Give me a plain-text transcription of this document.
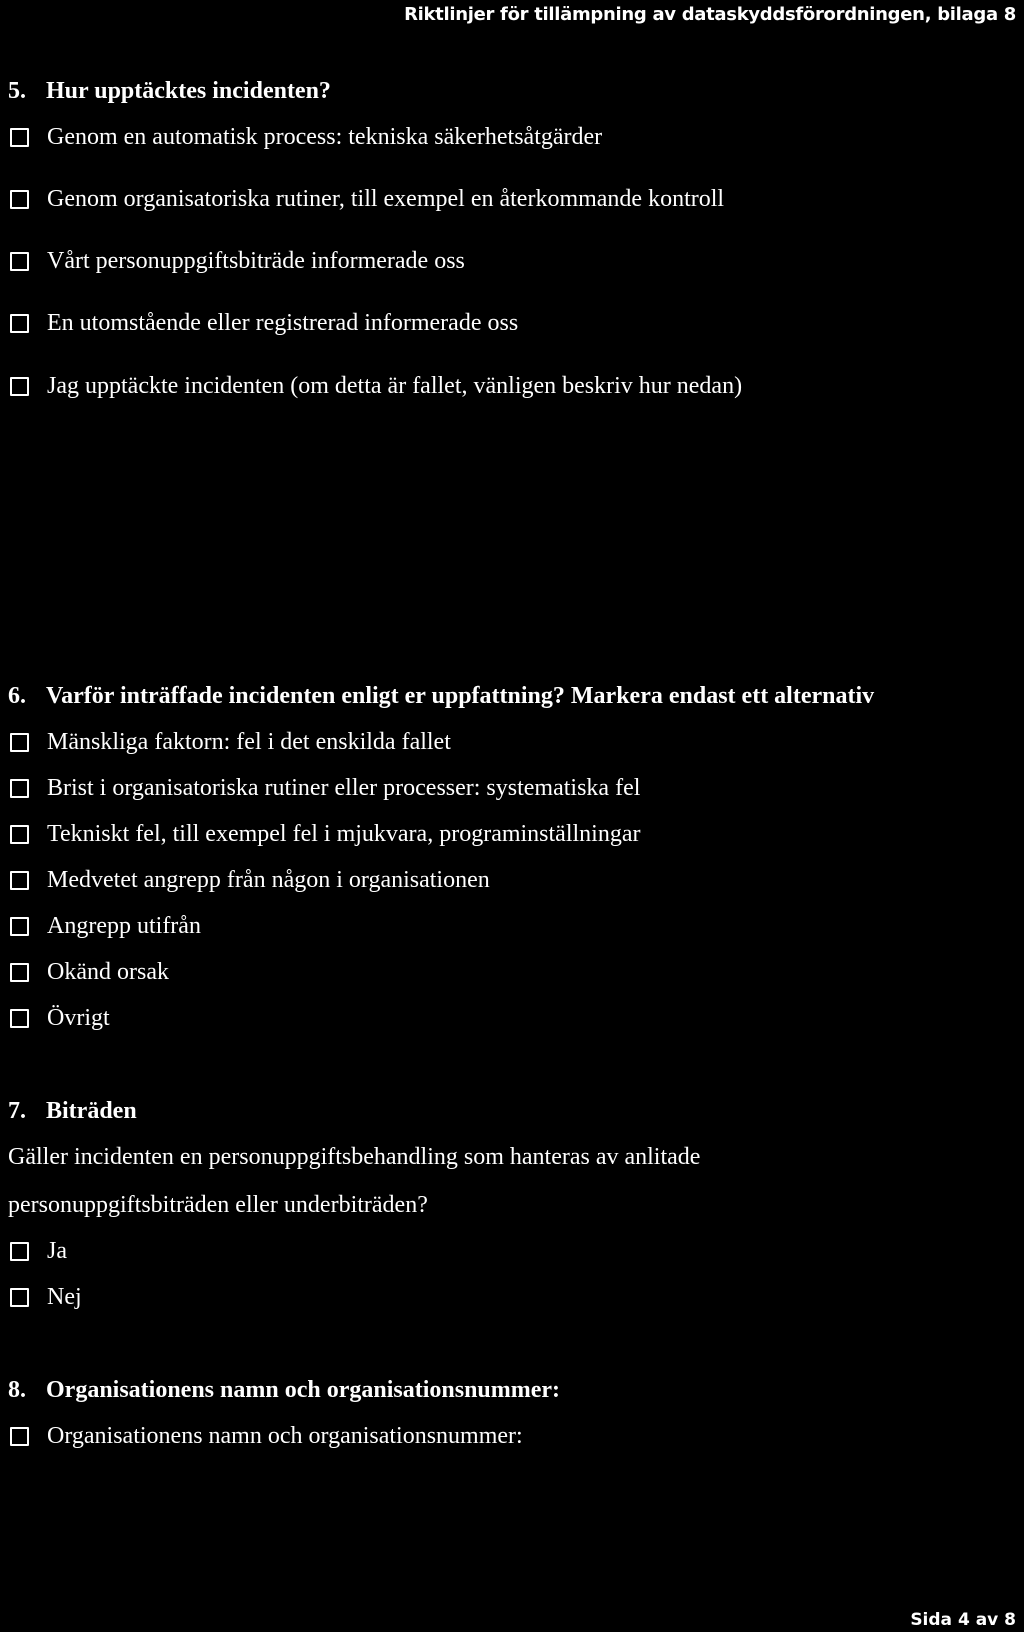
Riktlinjer för tillämpning av dataskyddsförordningen, bilaga 8
5. Hur upptäcktes incidenten?
Genom en automatisk process: tekniska säkerhetsåtgärder
Genom organisatoriska rutiner, till exempel en återkommande kontroll
Vårt personuppgiftsbiträde informerade oss
En utomstående eller registrerad informerade oss
Jag upptäckte incidenten (om detta är fallet, vänligen beskriv hur nedan)
6. Varför inträffade incidenten enligt er uppfattning? Markera endast ett alternativ
Mänskliga faktorn: fel i det enskilda fallet
Brist i organisatoriska rutiner eller processer: systematiska fel
Tekniskt fel, till exempel fel i mjukvara, programinställningar
Medvetet angrepp från någon i organisationen
Angrepp utifrån
Okänd orsak
Övrigt
7. Biträden
Gäller incidenten en personuppgiftsbehandling som hanteras av anlitade
personuppgiftsbiträden eller underbiträden?
Ja
Nej
8. Organisationens namn och organisationsnummer:
Organisationens namn och organisationsnummer:
Sida 4 av 8
